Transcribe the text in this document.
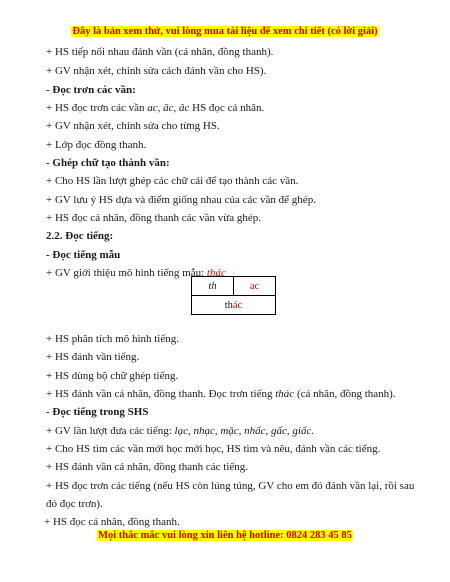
Đây là bản xem thử, vui lòng mua tài liệu để xem chi tiết (có lời giải)
+ HS tiếp nối nhau đánh vần (cá nhân, đồng thanh).
+ GV nhận xét, chỉnh sửa cách đánh vần cho HS).
- Đọc trơn các vần:
+ HS đọc trơn các vần ac, ăc, âc HS đọc cá nhân.
+ GV nhận xét, chỉnh sửa cho từng HS.
+ Lớp đọc đồng thanh.
- Ghép chữ tạo thành vần:
+ Cho HS lần lượt ghép các chữ cái để tạo thành các vần.
+ GV lưu ý HS dựa và điểm giống nhau của các vần để ghép.
+ HS đọc cá nhân, đồng thanh các vần vừa ghép.
2.2. Đọc tiếng:
- Đọc tiếng mẫu
+ GV giới thiệu mô hình tiếng mẫu: thác
th	ac
thác
+ HS phân tích mô hình tiếng.
+ HS đánh vần tiếng.
+ HS dùng bộ chữ ghép tiếng.
+ HS đánh vần cá nhân, đồng thanh. Đọc trơn tiếng thác (cá nhân, đồng thanh).
- Đọc tiếng trong SHS
+ GV lần lượt đưa các tiếng: lạc, nhạc, mặc, nhấc, gấc, giấc.
+ Cho HS tìm các vần mới học mới học, HS tìm và nêu, đánh vần các tiếng.
+ HS đánh vần cá nhân, đồng thanh các tiếng.
+ HS đọc trơn các tiếng (nếu HS còn lúng túng, GV cho em đó đánh vần lại, rồi sau
đó đọc trơn).
+ HS đọc cá nhân, đồng thanh.
Mọi thắc mắc vui lòng xin liên hệ hotline: 0824 283 45 85
